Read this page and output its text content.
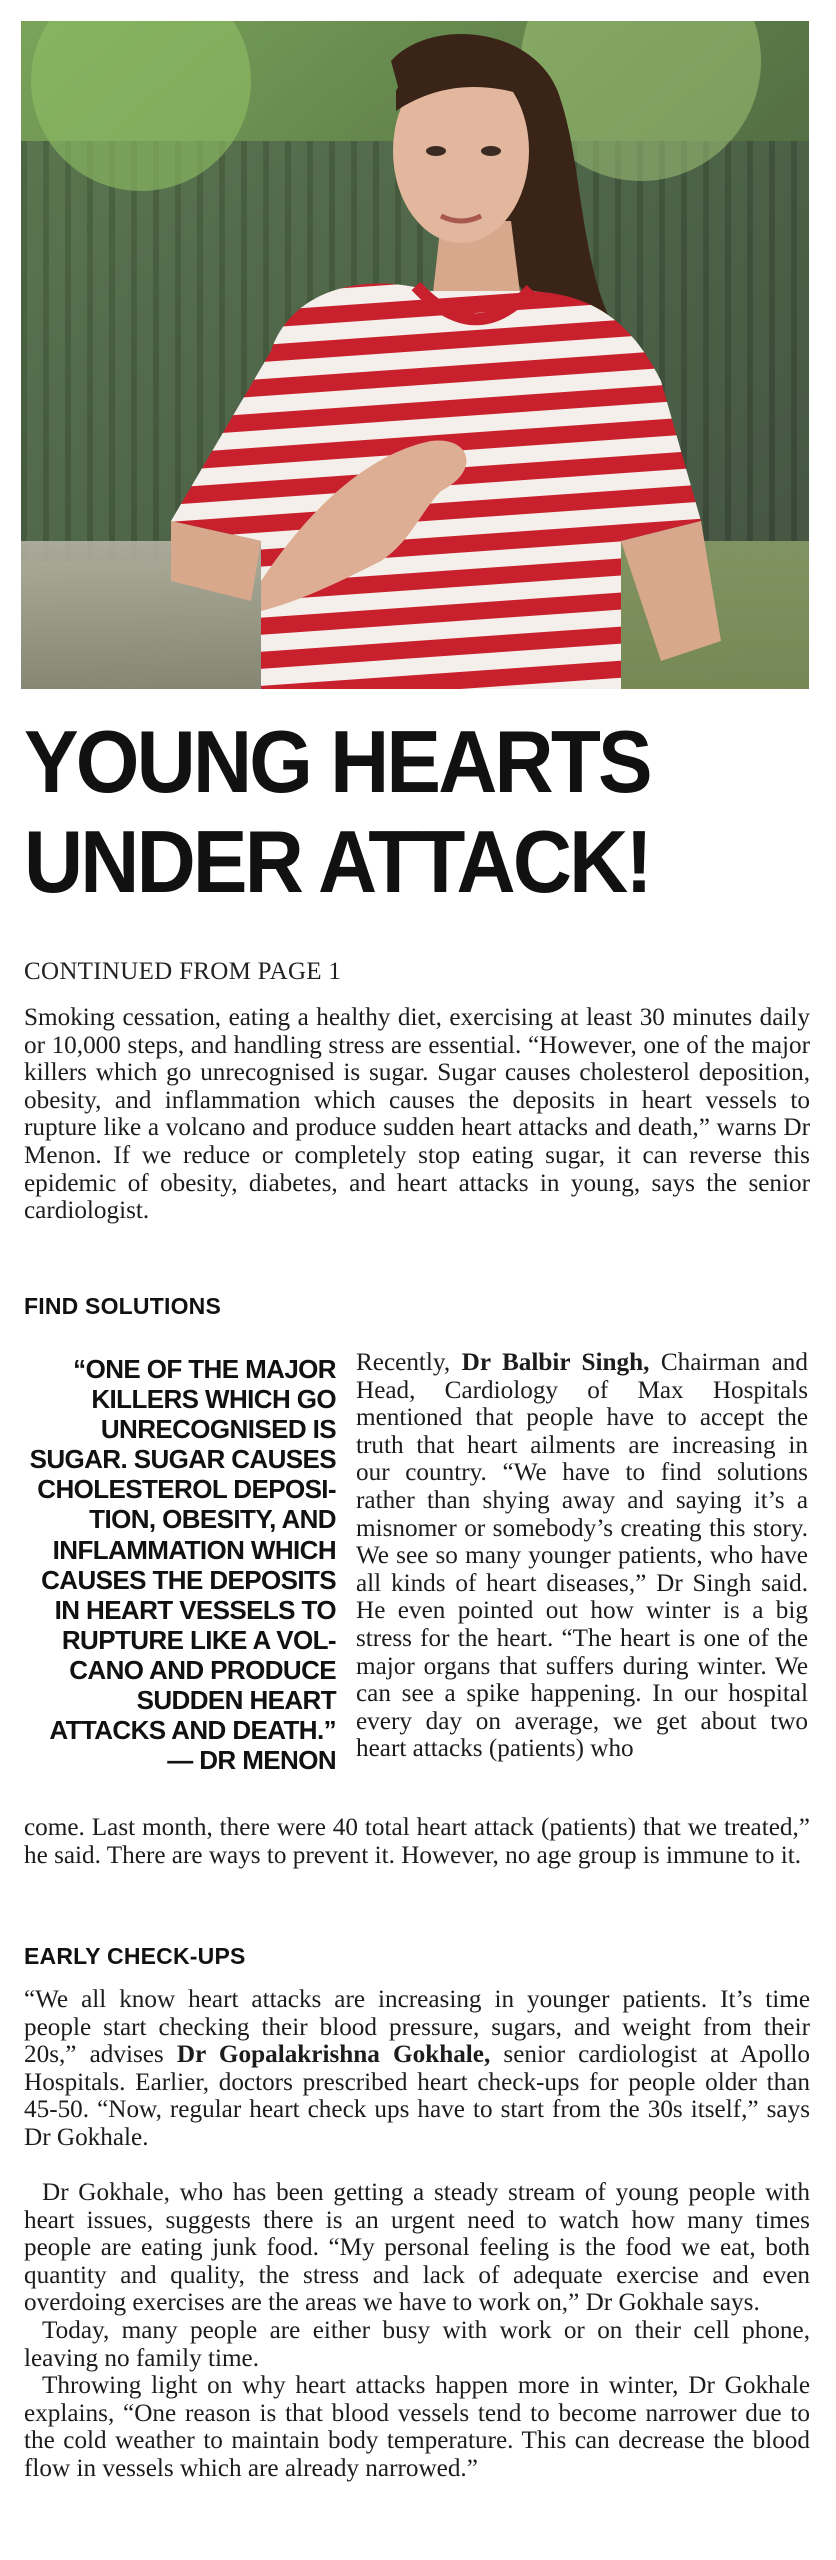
YOUNG HEARTS
UNDER ATTACK!
CONTINUED FROM PAGE 1

Smoking cessation, eating a healthy diet, exercising at least 30 minutes daily or 10,000 steps, and handling stress are essential. “However, one of the major killers which go unrecognised is sugar. Sugar causes cholesterol deposition, obesity, and inflammation which causes the deposits in heart vessels to rupture like a volcano and produce sudden heart attacks and death,” warns Dr Menon. If we reduce or completely stop eating sugar, it can reverse this epidemic of obesity, diabetes, and heart attacks in young, says the senior cardiologist.

FIND SOLUTIONS
“ONE OF THE MAJOR KILLERS WHICH GO UNRECOGNISED IS SUGAR. SUGAR CAUSES CHOLESTEROL DEPOSI-TION, OBESITY, AND INFLAMMATION WHICH CAUSES THE DEPOSITS IN HEART VESSELS TO RUPTURE LIKE A VOL-CANO AND PRODUCE SUDDEN HEART ATTACKS AND DEATH.”
— DR MENON

Recently, Dr Balbir Singh, Chairman and Head, Cardiology of Max Hospitals mentioned that people have to accept the truth that heart ailments are increasing in our country. “We have to find solutions rather than shying away and saying it’s a misnomer or somebody’s creating this story. We see so many younger patients, who have all kinds of heart diseases,” Dr Singh said. He even pointed out how winter is a big stress for the heart. “The heart is one of the major organs that suffers during winter. We can see a spike happening. In our hospital every day on average, we get about two heart attacks (patients) who

come. Last month, there were 40 total heart attack (patients) that we treated,” he said. There are ways to prevent it. However, no age group is immune to it.

EARLY CHECK-UPS

“We all know heart attacks are increasing in younger patients. It’s time people start checking their blood pressure, sugars, and weight from their 20s,” advises Dr Gopalakrishna Gokhale, senior cardiologist at Apollo Hospitals. Earlier, doctors prescribed heart check-ups for people older than 45-50. “Now, regular heart check ups have to start from the 30s itself,” says Dr Gokhale.

Dr Gokhale, who has been getting a steady stream of young people with heart issues, suggests there is an urgent need to watch how many times people are eating junk food. “My personal feeling is the food we eat, both quantity and quality, the stress and lack of adequate exercise and even overdoing exercises are the areas we have to work on,” Dr Gokhale says.

Today, many people are either busy with work or on their cell phone, leaving no family time.

Throwing light on why heart attacks happen more in winter, Dr Gokhale explains, “One reason is that blood vessels tend to become narrower due to the cold weather to maintain body temperature. This can decrease the blood flow in vessels which are already narrowed.”
